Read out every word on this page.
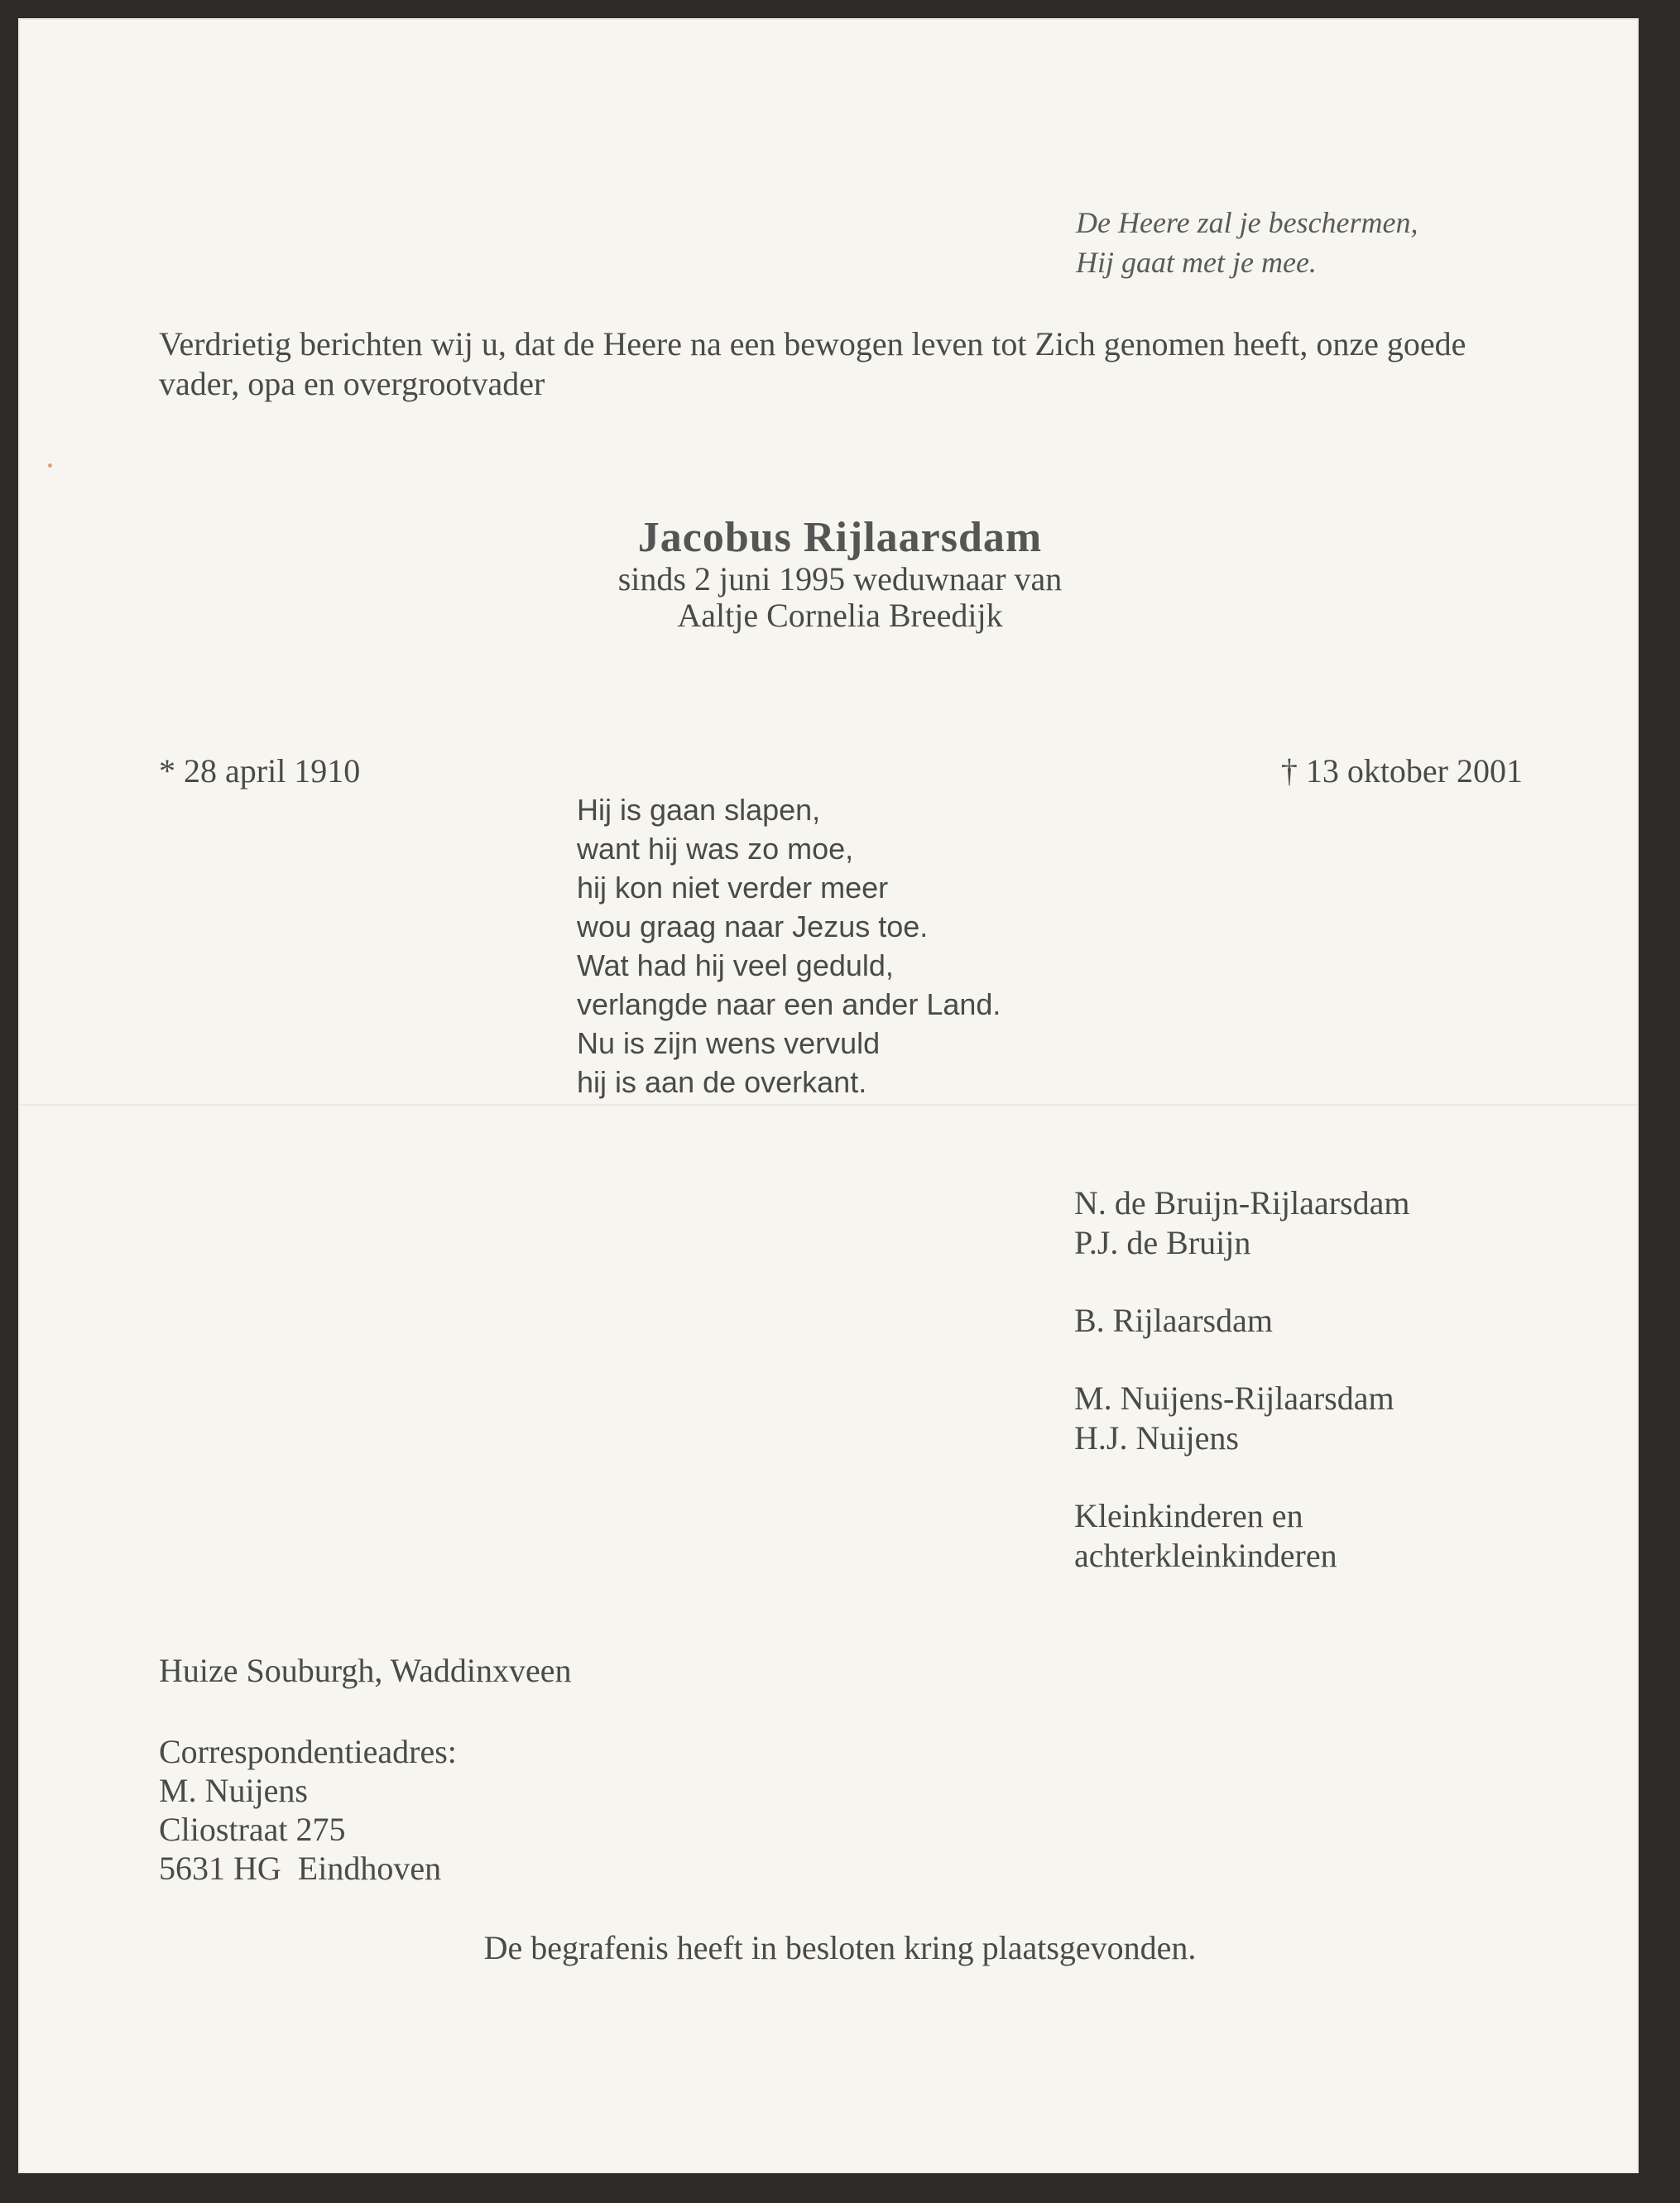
De Heere zal je beschermen,
Hij gaat met je mee.

Verdrietig berichten wij u, dat de Heere na een bewogen leven tot Zich genomen heeft, onze goede vader, opa en overgrootvader

Jacobus Rijlaarsdam
sinds 2 juni 1995 weduwnaar van
Aaltje Cornelia Breedijk
* 28 april 1910	† 13 oktober 2001
Hij is gaan slapen,
want hij was zo moe,
hij kon niet verder meer
wou graag naar Jezus toe.
Wat had hij veel geduld,
verlangde naar een ander Land.
Nu is zijn wens vervuld
hij is aan de overkant.
N. de Bruijn-Rijlaarsdam
P.J. de Bruijn
B. Rijlaarsdam
M. Nuijens-Rijlaarsdam
H.J. Nuijens
Kleinkinderen en
achterkleinkinderen
Huize Souburgh, Waddinxveen
Correspondentieadres:
M. Nuijens
Cliostraat 275
5631 HG  Eindhoven
De begrafenis heeft in besloten kring plaatsgevonden.
